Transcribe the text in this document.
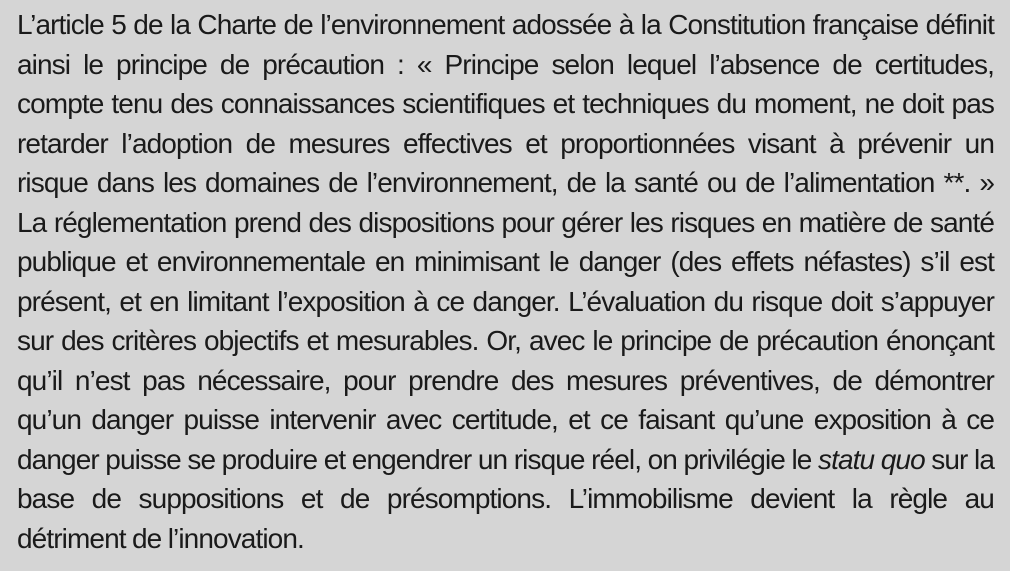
L’article 5 de la Charte de l’environnement adossée à la Constitution française définit ainsi le principe de précaution : « Principe selon lequel l’absence de certitudes, compte tenu des connaissances scientifiques et techniques du moment, ne doit pas retarder l’adoption de mesures effectives et proportionnées visant à prévenir un risque dans les domaines de l’environnement, de la santé ou de l’alimentation **. » La réglementation prend des dispositions pour gérer les risques en matière de santé publique et environnementale en minimisant le danger (des effets néfastes) s’il est présent, et en limitant l’exposition à ce danger. L’évaluation du risque doit s’appuyer sur des critères objectifs et mesurables. Or, avec le principe de précaution énonçant qu’il n’est pas nécessaire, pour prendre des mesures préventives, de démontrer qu’un danger puisse intervenir avec certitude, et ce faisant qu’une exposition à ce danger puisse se produire et engendrer un risque réel, on privilégie le statu quo sur la base de suppositions et de présomptions. L’immobilisme devient la règle au détriment de l’innovation.
